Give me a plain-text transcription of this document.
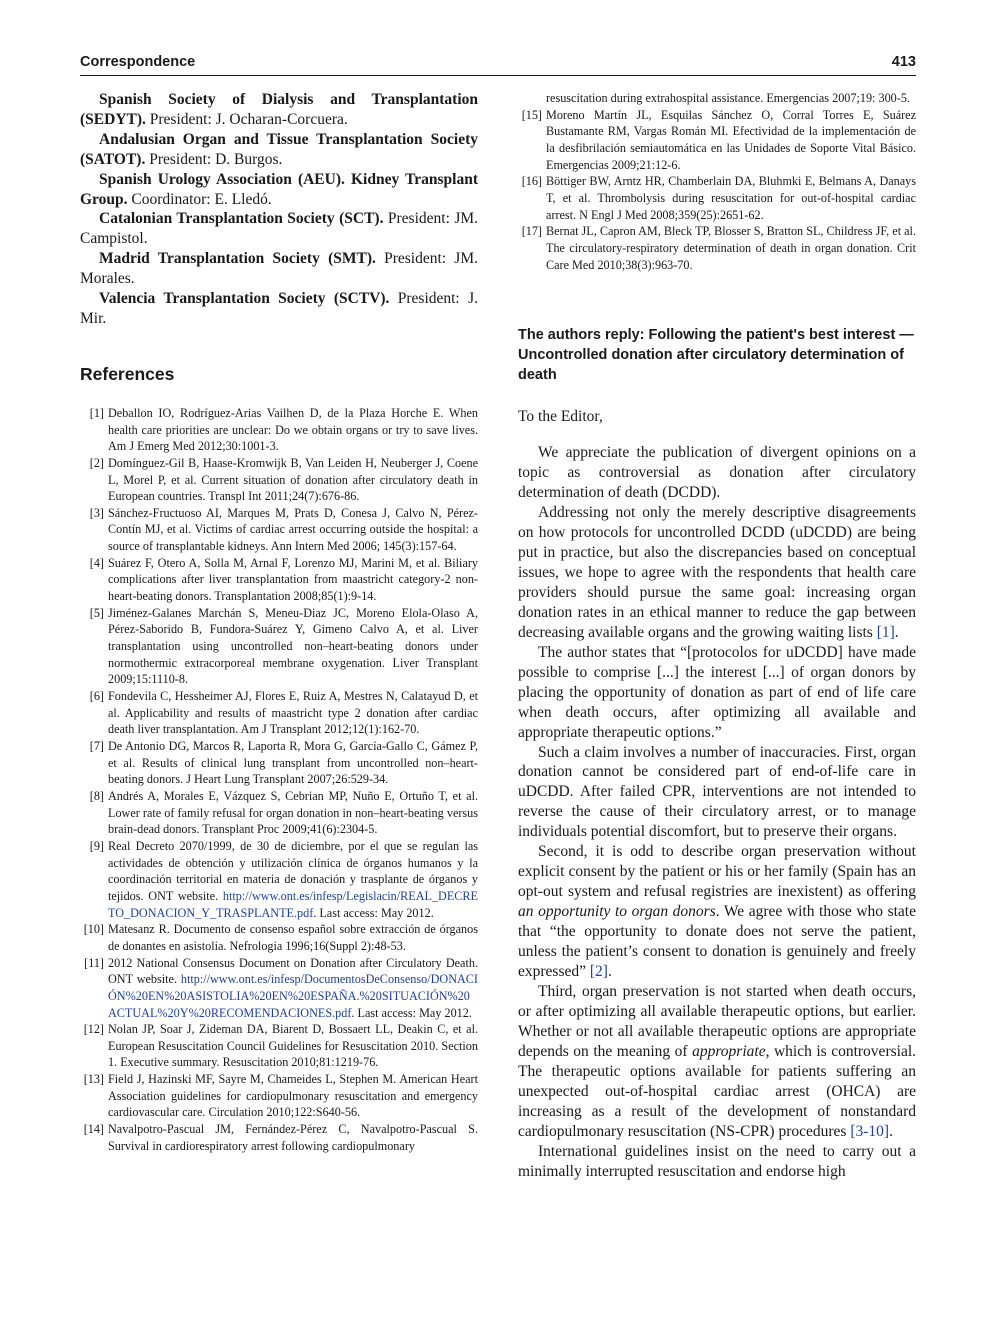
Correspondence	413

Spanish Society of Dialysis and Transplantation (SEDYT). President: J. Ocharan-Corcuera.

Andalusian Organ and Tissue Transplantation Society (SATOT). President: D. Burgos.

Spanish Urology Association (AEU). Kidney Transplant Group. Coordinator: E. Lledó.

Catalonian Transplantation Society (SCT). President: JM. Campistol.

Madrid Transplantation Society (SMT). President: JM. Morales.

Valencia Transplantation Society (SCTV). President: J. Mir.

References

[1] Deballon IO, Rodríguez-Arias Vailhen D, de la Plaza Horche E. When health care priorities are unclear: Do we obtain organs or try to save lives. Am J Emerg Med 2012;30:1001-3.

[2] Domínguez-Gil B, Haase-Kromwijk B, Van Leiden H, Neuberger J, Coene L, Morel P, et al. Current situation of donation after circulatory death in European countries. Transpl Int 2011;24(7):676-86.

[3] Sánchez-Fructuoso AI, Marques M, Prats D, Conesa J, Calvo N, Pérez-Contín MJ, et al. Victims of cardiac arrest occurring outside the hospital: a source of transplantable kidneys. Ann Intern Med 2006; 145(3):157-64.

[4] Suárez F, Otero A, Solla M, Arnal F, Lorenzo MJ, Marini M, et al. Biliary complications after liver transplantation from maastricht category-2 non-heart-beating donors. Transplantation 2008;85(1):9-14.

[5] Jiménez-Galanes Marchán S, Meneu-Diaz JC, Moreno Elola-Olaso A, Pérez-Saborido B, Fundora-Suárez Y, Gimeno Calvo A, et al. Liver transplantation using uncontrolled non–heart-beating donors under normothermic extracorporeal membrane oxygenation. Liver Transplant 2009;15:1110-8.

[6] Fondevila C, Hessheimer AJ, Flores E, Ruiz A, Mestres N, Calatayud D, et al. Applicability and results of maastricht type 2 donation after cardiac death liver transplantation. Am J Transplant 2012;12(1):162-70.

[7] De Antonio DG, Marcos R, Laporta R, Mora G, García-Gallo C, Gámez P, et al. Results of clinical lung transplant from uncontrolled non–heart-beating donors. J Heart Lung Transplant 2007;26:529-34.

[8] Andrés A, Morales E, Vázquez S, Cebrian MP, Nuño E, Ortuño T, et al. Lower rate of family refusal for organ donation in non–heart-beating versus brain-dead donors. Transplant Proc 2009;41(6):2304-5.

[9] Real Decreto 2070/1999, de 30 de diciembre, por el que se regulan las actividades de obtención y utilización clínica de órganos humanos y la coordinación territorial en materia de donación y trasplante de órganos y tejidos. ONT website. http://www.ont.es/infesp/Legislacin/REAL_DECRETO_DONACION_Y_TRASPLANTE.pdf. Last access: May 2012.

[10] Matesanz R. Documento de consenso español sobre extracción de órganos de donantes en asistolia. Nefrologia 1996;16(Suppl 2):48-53.

[11] 2012 National Consensus Document on Donation after Circulatory Death. ONT website. http://www.ont.es/infesp/DocumentosDeConsenso/DONACIÓN%20EN%20ASISTOLIA%20EN%20ESPAÑA.%20SITUACIÓN%20ACTUAL%20Y%20RECOMENDACIONES.pdf. Last access: May 2012.

[12] Nolan JP, Soar J, Zideman DA, Biarent D, Bossaert LL, Deakin C, et al. European Resuscitation Council Guidelines for Resuscitation 2010. Section 1. Executive summary. Resuscitation 2010;81:1219-76.

[13] Field J, Hazinski MF, Sayre M, Chameides L, Stephen M. American Heart Association guidelines for cardiopulmonary resuscitation and emergency cardiovascular care. Circulation 2010;122:S640-56.

[14] Navalpotro-Pascual JM, Fernández-Pérez C, Navalpotro-Pascual S. Survival in cardiorespiratory arrest following cardiopulmonary

resuscitation during extrahospital assistance. Emergencias 2007;19: 300-5.

[15] Moreno Martín JL, Esquilas Sánchez O, Corral Torres E, Suárez Bustamante RM, Vargas Román MI. Efectividad de la implementación de la desfibrilación semiautomática en las Unidades de Soporte Vital Básico. Emergencias 2009;21:12-6.

[16] Böttiger BW, Arntz HR, Chamberlain DA, Bluhmki E, Belmans A, Danays T, et al. Thrombolysis during resuscitation for out-of-hospital cardiac arrest. N Engl J Med 2008;359(25):2651-62.

[17] Bernat JL, Capron AM, Bleck TP, Blosser S, Bratton SL, Childress JF, et al. The circulatory-respiratory determination of death in organ donation. Crit Care Med 2010;38(3):963-70.

The authors reply: Following the patient's best interest — Uncontrolled donation after circulatory determination of death

To the Editor,

We appreciate the publication of divergent opinions on a topic as controversial as donation after circulatory determination of death (DCDD).

Addressing not only the merely descriptive disagreements on how protocols for uncontrolled DCDD (uDCDD) are being put in practice, but also the discrepancies based on conceptual issues, we hope to agree with the respondents that health care providers should pursue the same goal: increasing organ donation rates in an ethical manner to reduce the gap between decreasing available organs and the growing waiting lists [1].

The author states that “[protocolos for uDCDD] have made possible to comprise [...] the interest [...] of organ donors by placing the opportunity of donation as part of end of life care when death occurs, after optimizing all available and appropriate therapeutic options.”

Such a claim involves a number of inaccuracies. First, organ donation cannot be considered part of end-of-life care in uDCDD. After failed CPR, interventions are not intended to reverse the cause of their circulatory arrest, or to manage individuals potential discomfort, but to preserve their organs.

Second, it is odd to describe organ preservation without explicit consent by the patient or his or her family (Spain has an opt-out system and refusal registries are inexistent) as offering an opportunity to organ donors. We agree with those who state that “the opportunity to donate does not serve the patient, unless the patient’s consent to donation is genuinely and freely expressed” [2].

Third, organ preservation is not started when death occurs, or after optimizing all available therapeutic options, but earlier. Whether or not all available therapeutic options are appropriate depends on the meaning of appropriate, which is controversial. The therapeutic options available for patients suffering an unexpected out-of-hospital cardiac arrest (OHCA) are increasing as a result of the development of nonstandard cardiopulmonary resuscitation (NS-CPR) procedures [3-10].

International guidelines insist on the need to carry out a minimally interrupted resuscitation and endorse high
